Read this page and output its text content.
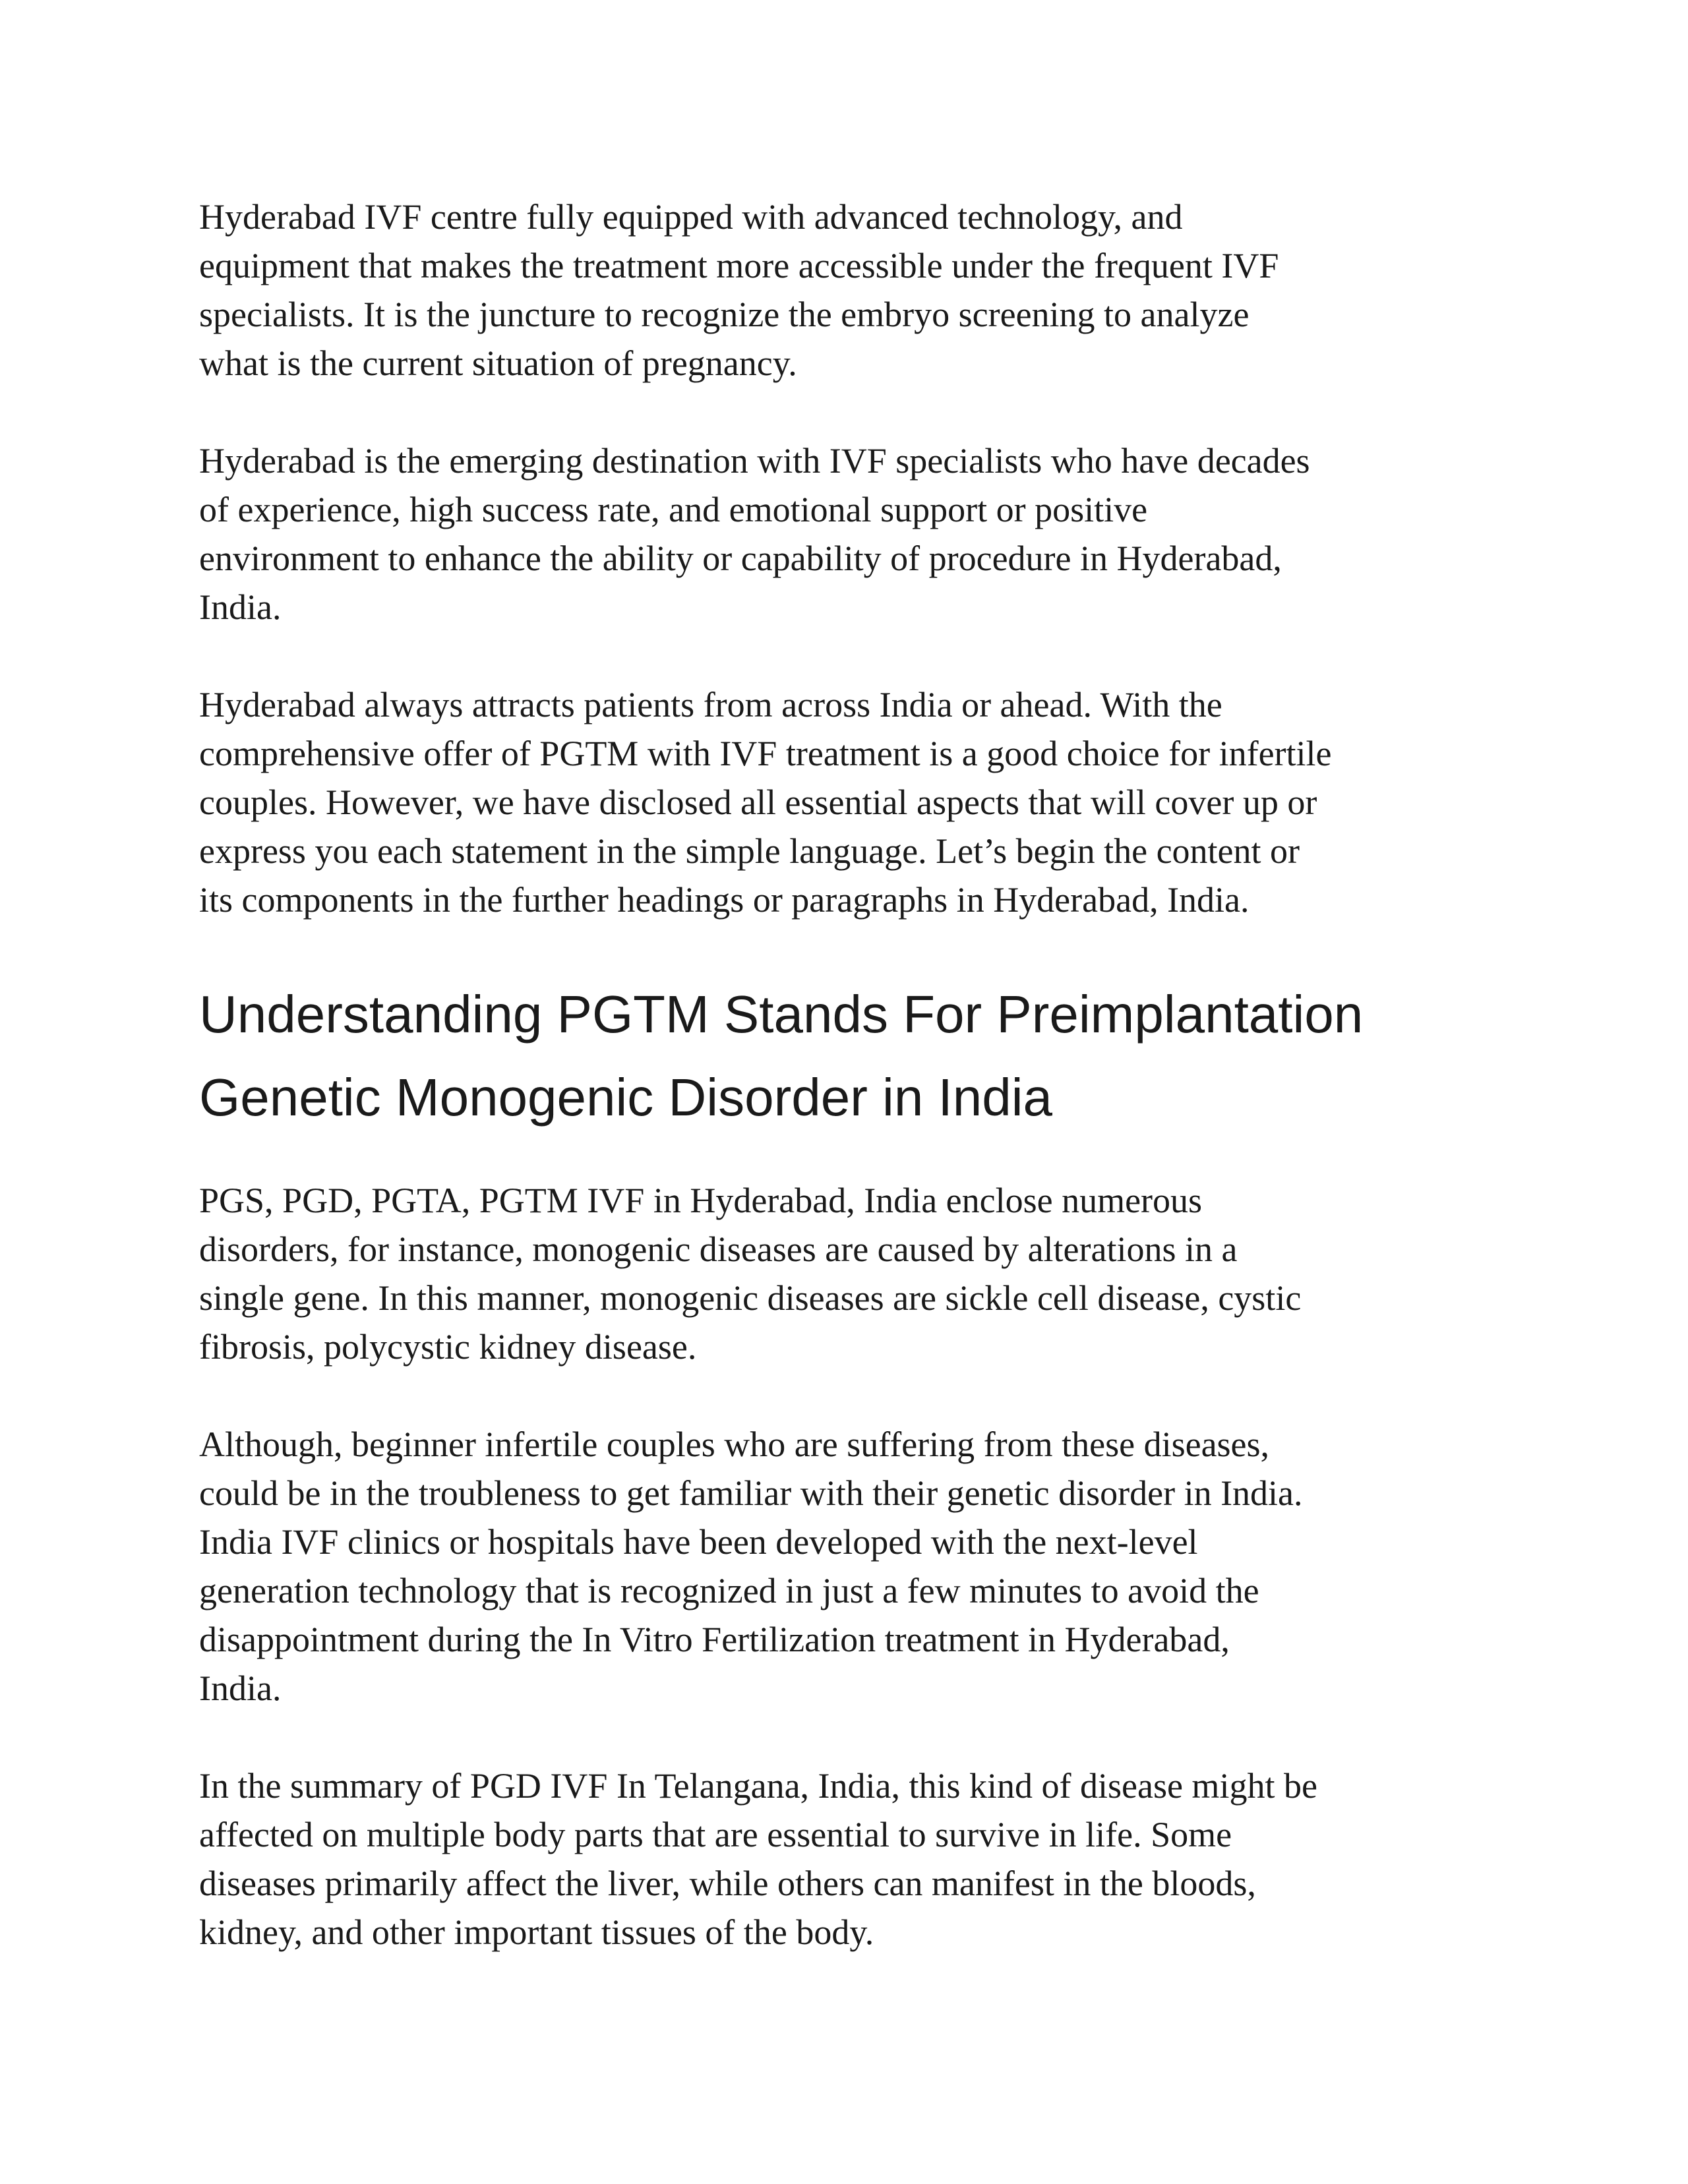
Hyderabad IVF centre fully equipped with advanced technology, and
equipment that makes the treatment more accessible under the frequent IVF
specialists. It is the juncture to recognize the embryo screening to analyze
what is the current situation of pregnancy.

Hyderabad is the emerging destination with IVF specialists who have decades
of experience, high success rate, and emotional support or positive
environment to enhance the ability or capability of procedure in Hyderabad,
India.

Hyderabad always attracts patients from across India or ahead. With the
comprehensive offer of PGTM with IVF treatment is a good choice for infertile
couples. However, we have disclosed all essential aspects that will cover up or
express you each statement in the simple language. Let’s begin the content or
its components in the further headings or paragraphs in Hyderabad, India.

Understanding PGTM Stands For Preimplantation
Genetic Monogenic Disorder in India

PGS, PGD, PGTA, PGTM IVF in Hyderabad, India enclose numerous
disorders, for instance, monogenic diseases are caused by alterations in a
single gene. In this manner, monogenic diseases are sickle cell disease, cystic
fibrosis, polycystic kidney disease.

Although, beginner infertile couples who are suffering from these diseases,
could be in the troubleness to get familiar with their genetic disorder in India.
India IVF clinics or hospitals have been developed with the next-level
generation technology that is recognized in just a few minutes to avoid the
disappointment during the In Vitro Fertilization treatment in Hyderabad,
India.

In the summary of PGD IVF In Telangana, India, this kind of disease might be
affected on multiple body parts that are essential to survive in life. Some
diseases primarily affect the liver, while others can manifest in the bloods,
kidney, and other important tissues of the body.
